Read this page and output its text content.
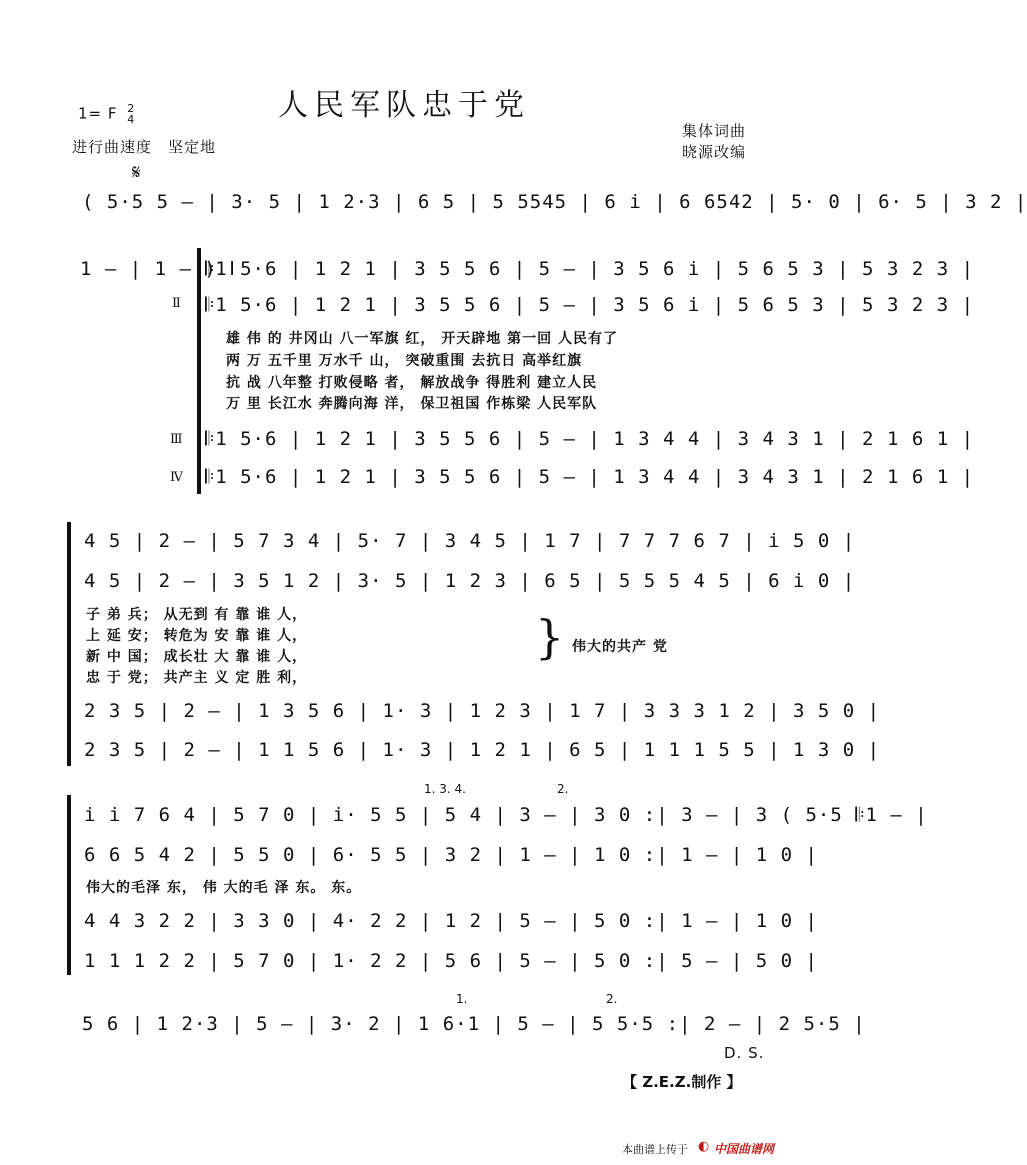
人民军队忠于党
1= F 2
4
进行曲速度　坚定地
集体词曲
晓源改编
𝄋
( 5·5 5 — | 3· 5 | 1 2·3 | 6 5 | 5 5545 | 6 i | 6 6542 | 5· 0 | 6· 5 | 3 2 |
1 — | 1 — ) Ⅰ
𝄆1 5·6 | 1 2 1 | 3 5 5 6 | 5 — | 3 5 6 i | 5 6 5 3 | 5 3 2 3 |
Ⅱ 𝄆1 5·6 | 1 2 1 | 3 5 5 6 | 5 — | 3 5 6 i | 5 6 5 3 | 5 3 2 3 |
雄 伟 的 井冈山 八一军旗 红， 开天辟地 第一回 人民有了
两 万 五千里 万水千 山， 突破重围 去抗日 高举红旗
抗 战 八年整 打败侵略 者， 解放战争 得胜利 建立人民
万 里 长江水 奔腾向海 洋， 保卫祖国 作栋梁 人民军队
Ⅲ 𝄆1 5·6 | 1 2 1 | 3 5 5 6 | 5 — | 1 3 4 4 | 3 4 3 1 | 2 1 6 1 |
Ⅳ 𝄆1 5·6 | 1 2 1 | 3 5 5 6 | 5 — | 1 3 4 4 | 3 4 3 1 | 2 1 6 1 |
4 5 | 2 — | 5 7 3 4 | 5· 7 | 3 4 5 | 1 7 | 7 7 7 6 7 | i 5 0 |
4 5 | 2 — | 3 5 1 2 | 3· 5 | 1 2 3 | 6 5 | 5 5 5 4 5 | 6 i 0 |
子 弟 兵； 从无到 有 靠 谁 人，
上 延 安； 转危为 安 靠 谁 人，
新 中 国； 成长壮 大 靠 谁 人，
忠 于 党； 共产主 义 定 胜 利，
} 伟大的共产 党
2 3 5 | 2 — | 1 3 5 6 | 1· 3 | 1 2 3 | 1 7 | 3 3 3 1 2 | 3 5 0 |
2 3 5 | 2 — | 1 1 5 6 | 1· 3 | 1 2 1 | 6 5 | 1 1 1 5 5 | 1 3 0 |
1. 3. 4.	2.
i i 7 6 4 | 5 7 0 | i· 5 5 | 5 4 | 3 — | 3 0 :| 3 — | 3 ( 5·5 𝄆1 — |
6 6 5 4 2 | 5 5 0 | 6· 5 5 | 3 2 | 1 — | 1 0 :| 1 — | 1 0 |
伟大的毛泽 东， 伟 大的毛 泽 东。 东。
4 4 3 2 2 | 3 3 0 | 4· 2 2 | 1 2 | 5 — | 5 0 :| 1 — | 1 0 |
1 1 1 2 2 | 5 7 0 | 1· 2 2 | 5 6 | 5 — | 5 0 :| 5 — | 5 0 |
1.	2.
5 6 | 1 2·3 | 5 — | 3· 2 | 1 6·1 | 5 — | 5 5·5 :| 2 — | 2 5·5 |
D. S.
【 Z.E.Z.制作 】
本曲谱上传于 ◐ 中国曲谱网
